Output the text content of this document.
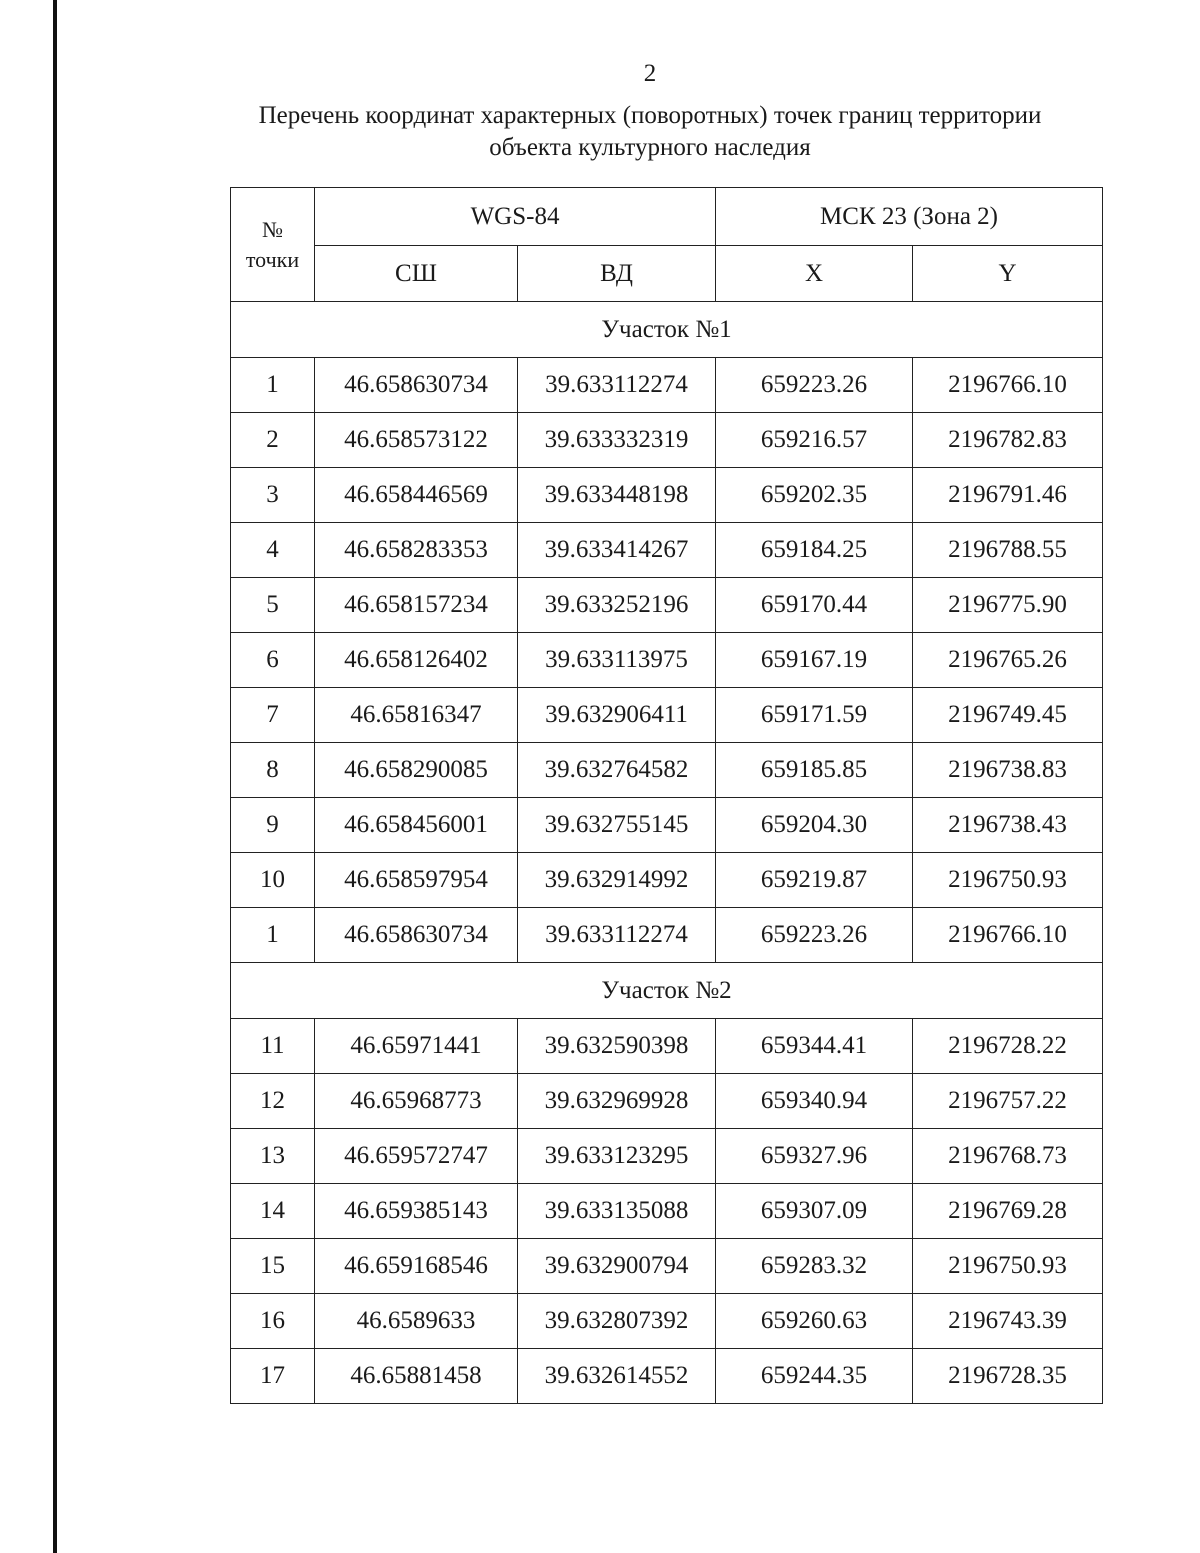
2
Перечень координат характерных (поворотных) точек границ территории
объекта культурного наследия
№
точки	WGS-84		МСК 23 (Зона 2)	
	СШ	ВД	X	Y
Участок №1				
1	46.658630734	39.633112274	659223.26	2196766.10
2	46.658573122	39.633332319	659216.57	2196782.83
3	46.658446569	39.633448198	659202.35	2196791.46
4	46.658283353	39.633414267	659184.25	2196788.55
5	46.658157234	39.633252196	659170.44	2196775.90
6	46.658126402	39.633113975	659167.19	2196765.26
7	46.65816347	39.632906411	659171.59	2196749.45
8	46.658290085	39.632764582	659185.85	2196738.83
9	46.658456001	39.632755145	659204.30	2196738.43
10	46.658597954	39.632914992	659219.87	2196750.93
1	46.658630734	39.633112274	659223.26	2196766.10
Участок №2				
11	46.65971441	39.632590398	659344.41	2196728.22
12	46.65968773	39.632969928	659340.94	2196757.22
13	46.659572747	39.633123295	659327.96	2196768.73
14	46.659385143	39.633135088	659307.09	2196769.28
15	46.659168546	39.632900794	659283.32	2196750.93
16	46.6589633	39.632807392	659260.63	2196743.39
17	46.65881458	39.632614552	659244.35	2196728.35
